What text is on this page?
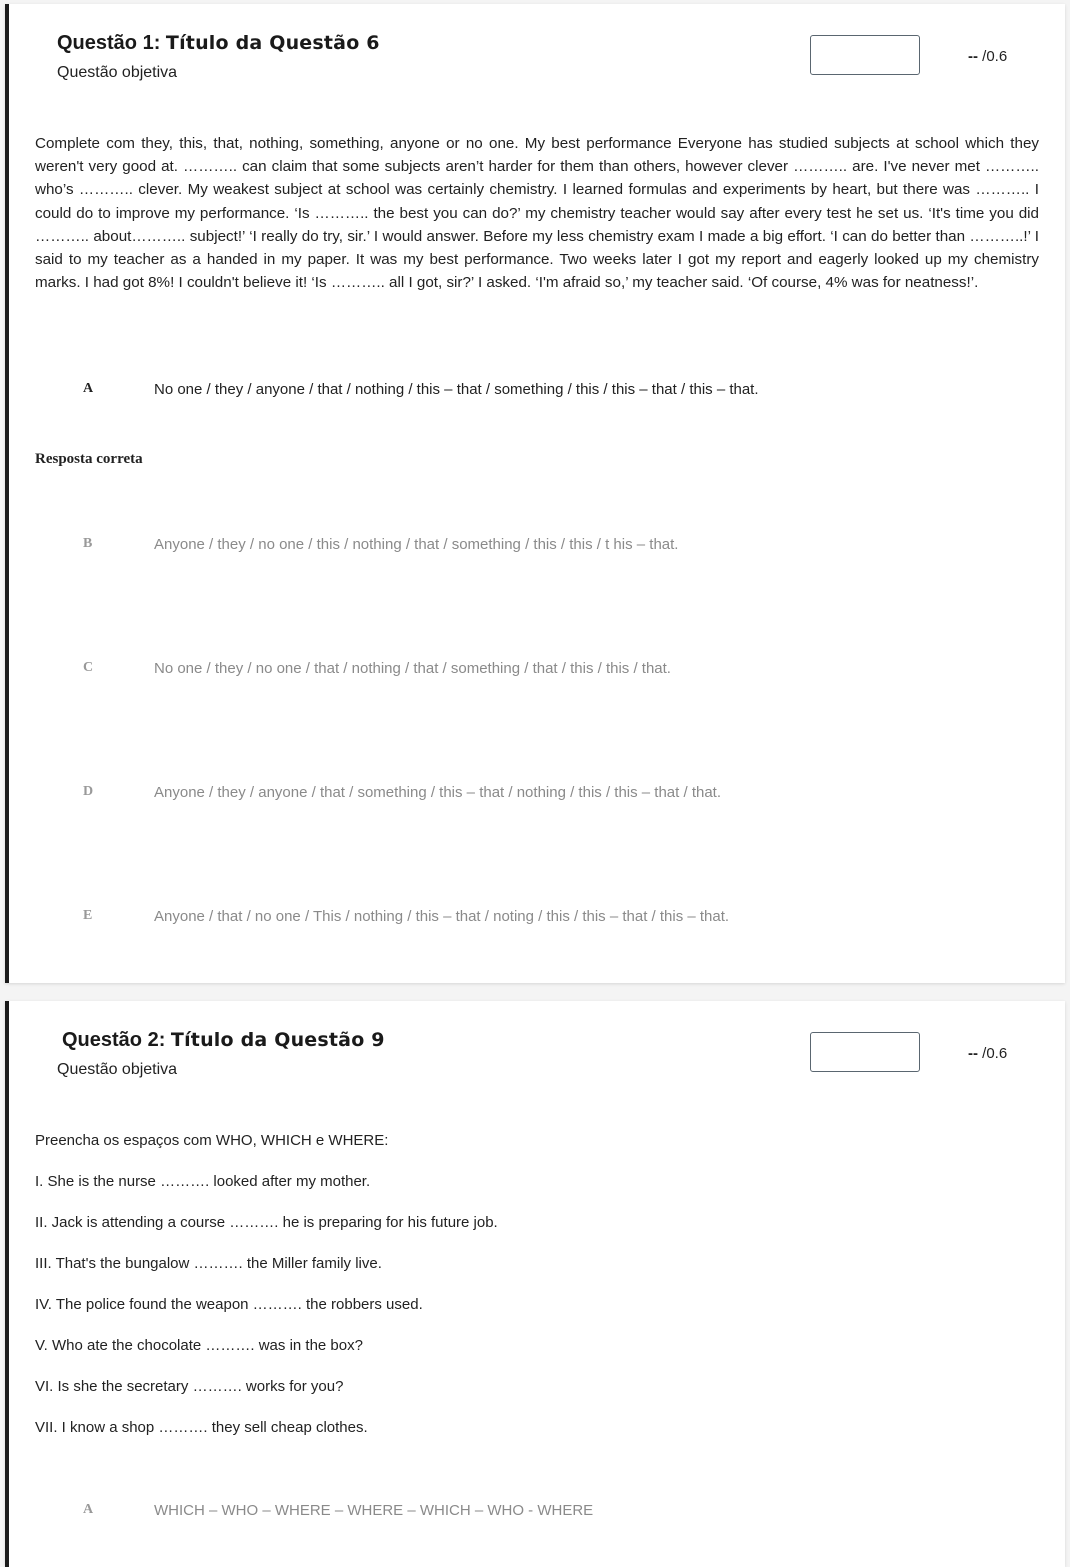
Questão 1: Título da Questão 6
Questão objetiva
-- /0.6
Complete com they, this, that, nothing, something, anyone or no one. My best performance Everyone has studied subjects at school which they weren't very good at. ……….. can claim that some subjects aren’t harder for them than others, however clever ……….. are. I've never met ……….. who’s ……….. clever. My weakest subject at school was certainly chemistry. I learned formulas and experiments by heart, but there was ……….. I could do to improve my performance. ‘Is ……….. the best you can do?’ my chemistry teacher would say after every test he set us. ‘It's time you did ……….. about……….. subject!’ ‘I really do try, sir.’ I would answer. Before my less chemistry exam I made a big effort. ‘I can do better than ………..!’ I said to my teacher as a handed in my paper. It was my best performance. Two weeks later I got my report and eagerly looked up my chemistry marks. I had got 8%! I couldn't believe it! ‘Is ……….. all I got, sir?’ I asked. ‘I'm afraid so,’ my teacher said. ‘Of course, 4% was for neatness!’.
A	No one / they / anyone / that / nothing / this – that / something / this / this – that / this – that.
Resposta correta
B	Anyone / they / no one / this / nothing / that / something / this / this / t his – that.
C	No one / they / no one / that / nothing / that / something / that / this / this / that.
D	Anyone / they / anyone / that / something / this – that / nothing / this / this – that / that.
E	Anyone / that / no one / This / nothing / this – that / noting / this / this – that / this – that.
Questão 2: Título da Questão 9
Questão objetiva
-- /0.6
Preencha os espaços com WHO, WHICH e WHERE:
I. She is the nurse ………. looked after my mother.
II. Jack is attending a course ………. he is preparing for his future job.
III. That's the bungalow ………. the Miller family live.
IV. The police found the weapon ………. the robbers used.
V. Who ate the chocolate ………. was in the box?
VI. Is she the secretary ………. works for you?
VII. I know a shop ………. they sell cheap clothes.
A	WHICH – WHO – WHERE – WHERE – WHICH – WHO - WHERE
